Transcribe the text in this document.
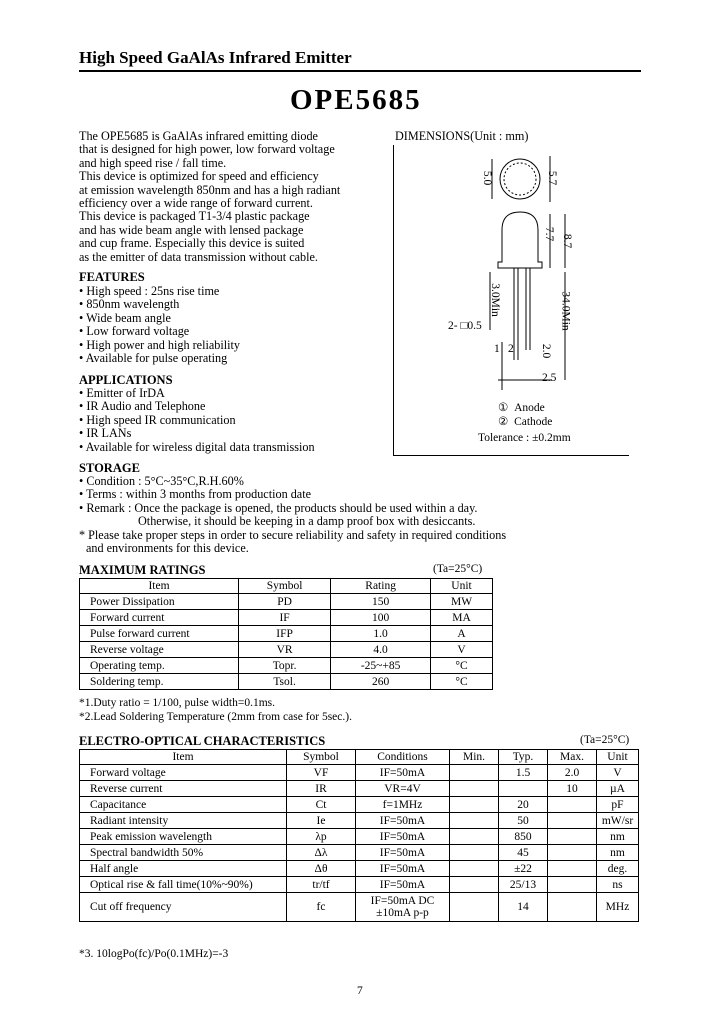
High Speed GaAlAs Infrared Emitter
OPE5685
The OPE5685 is GaAlAs infrared emitting diode
that is designed for high power, low forward voltage
and high speed rise / fall time.
This device is optimized for speed and efficiency
at emission wavelength 850nm and has a high radiant
efficiency over a wide range of forward current.
This device is packaged T1-3/4 plastic package
and has wide beam angle with lensed package
and cup frame. Especially this device is suited
as the emitter of data transmission without cable.
FEATURES
• High speed : 25ns rise time
• 850nm wavelength
• Wide beam angle
• Low forward voltage
• High power and high reliability
• Available for pulse operating
APPLICATIONS
• Emitter of IrDA
• IR Audio and Telephone
• High speed IR communication
• IR LANs
• Available for wireless digital data transmission
DIMENSIONS(Unit : mm)
5.0	5.7
7.7 8.7
3.0Min	34.0Min
2- □0.5
2.0
2.5
1 2
① Anode
② Cathode
Tolerance : ±0.2mm
STORAGE
• Condition : 5°C~35°C,R.H.60%
• Terms : within 3 months from production date
• Remark : Once the package is opened, the products should be used within a day.
Otherwise, it should be keeping in a damp proof box with desiccants.
* Please take proper steps in order to secure reliability and safety in required conditions
and environments for this device.
MAXIMUM RATINGS	(Ta=25°C)
Item	Symbol	Rating	Unit
Power Dissipation	PD	150	MW
Forward current	IF	100	MA
Pulse forward current	IFP	1.0	A
Reverse voltage	VR	4.0	V
Operating temp.	Topr.	-25~+85	°C
Soldering temp.	Tsol.	260	°C
*1.Duty ratio = 1/100, pulse width=0.1ms.
*2.Lead Soldering Temperature (2mm from case for 5sec.).
ELECTRO-OPTICAL CHARACTERISTICS	(Ta=25°C)
Item	Symbol	Conditions	Min.	Typ.	Max.	Unit
Forward voltage	VF	IF=50mA		1.5	2.0	V
Reverse current	IR	VR=4V			10	µA
Capacitance	Ct	f=1MHz		20		pF
Radiant intensity	Ie	IF=50mA		50		mW/sr
Peak emission wavelength	λp	IF=50mA		850		nm
Spectral bandwidth 50%	Δλ	IF=50mA		45		nm
Half angle	Δθ	IF=50mA		±22		deg.
Optical rise & fall time(10%~90%)	tr/tf	IF=50mA		25/13		ns
Cut off frequency	fc	IF=50mA DC
±10mA p-p		14		MHz
*3. 10logPo(fc)/Po(0.1MHz)=-3
7
